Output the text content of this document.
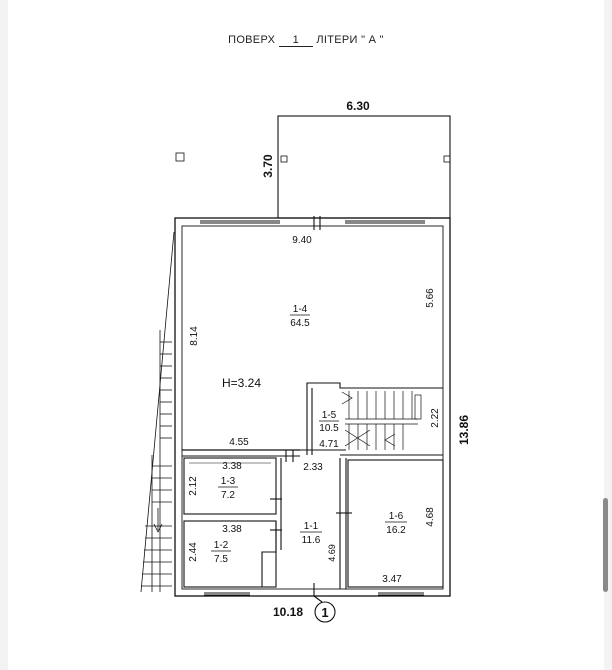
ПОВЕРХ 1 ЛІТЕРИ " А "
6.30
3.70
9.40
5.66
8.14
1-4
64.5
H=3.24
4.55
1-5
10.5
4.71
2.22 13.86
2.33
3.38
1-3
7.2
2.12
3.38
1-2
7.5
2.44
1-1
11.6
4.69
1-6
16.2
4.68
3.47
10.18 1
